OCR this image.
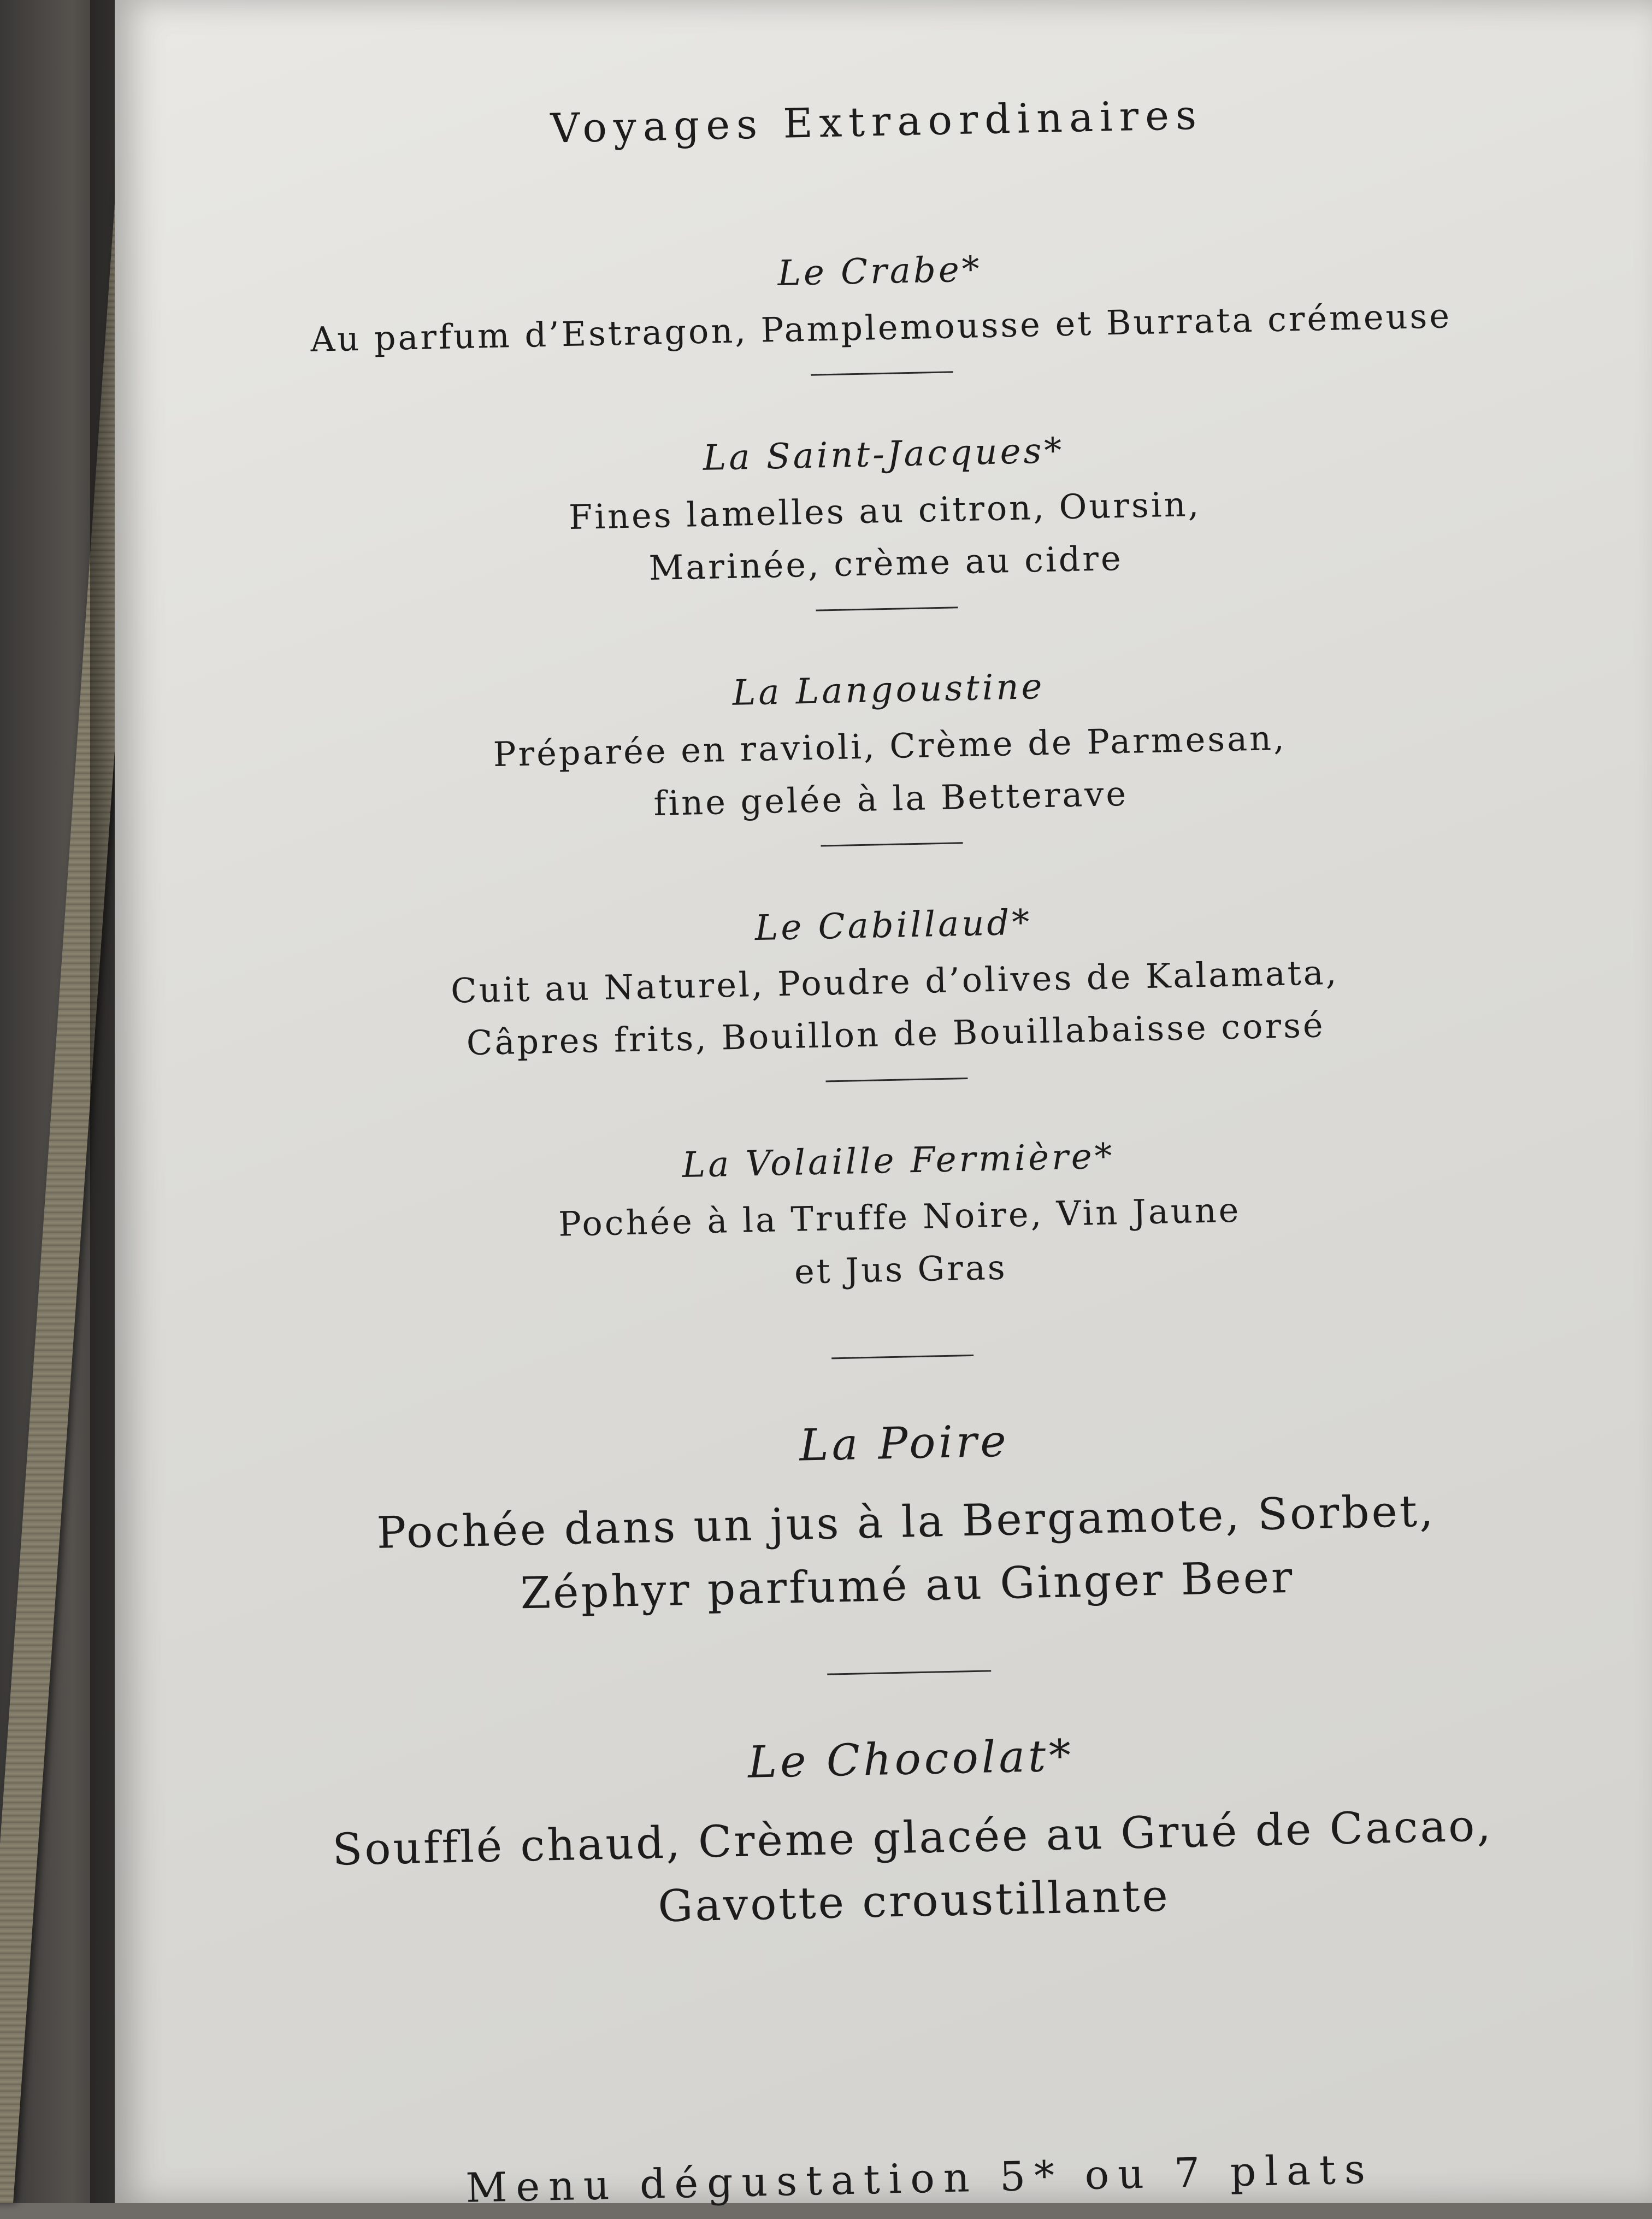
Voyages Extraordinaires

Le Crabe*

Au parfum d’Estragon, Pamplemousse et Burrata crémeuse

La Saint-Jacques*

Fines lamelles au citron, Oursin,

Marinée, crème au cidre

La Langoustine

Préparée en ravioli, Crème de Parmesan,

fine gelée à la Betterave

Le Cabillaud*

Cuit au Naturel, Poudre d’olives de Kalamata,

Câpres frits, Bouillon de Bouillabaisse corsé

La Volaille Fermière*

Pochée à la Truffe Noire, Vin Jaune

et Jus Gras

La Poire

Pochée dans un jus à la Bergamote, Sorbet,

Zéphyr parfumé au Ginger Beer

Le Chocolat*

Soufflé chaud, Crème glacée au Grué de Cacao,

Gavotte croustillante

Menu dégustation 5* ou 7 plats
